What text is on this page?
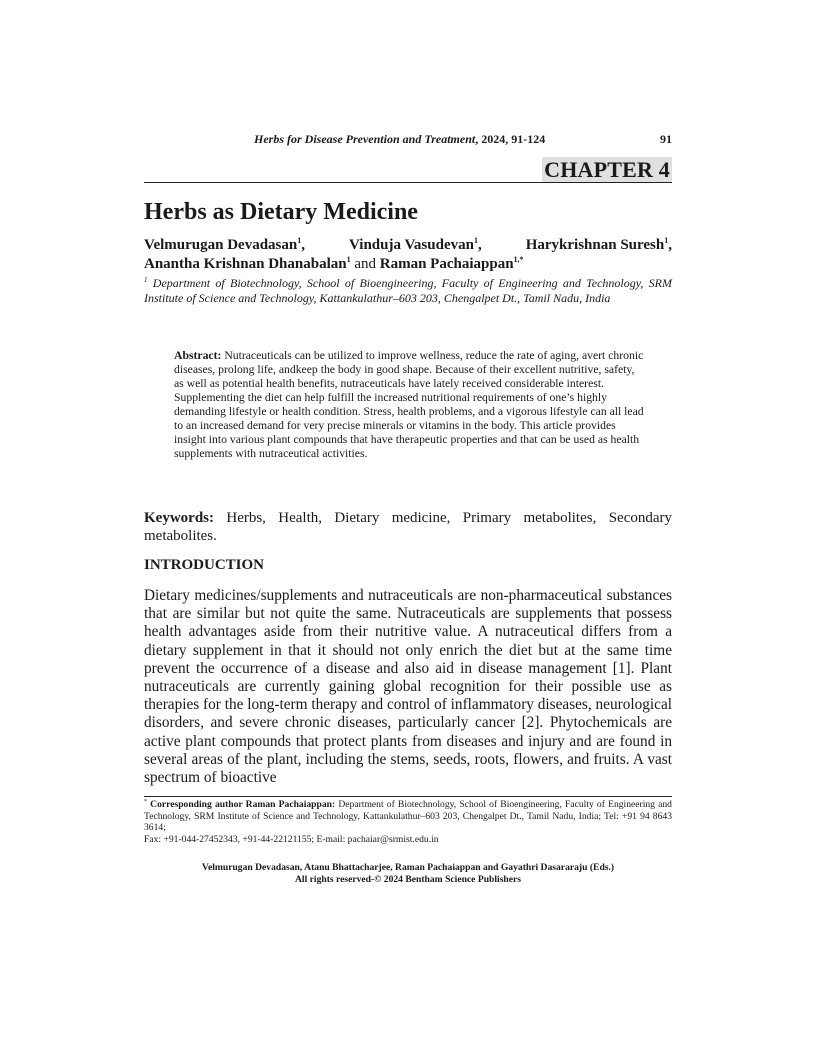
Herbs for Disease Prevention and Treatment, 2024, 91-124	91
CHAPTER 4
Herbs as Dietary Medicine
Velmurugan Devadasan$^1$,	Vinduja Vasudevan$^1$,	Harykrishnan Suresh$^1$,
Anantha Krishnan Dhanabalan$^1$ and Raman Pachaiappan$^{1,*}$
$^1$ Department of Biotechnology, School of Bioengineering, Faculty of Engineering and Technology, SRM Institute of Science and Technology, Kattankulathur–603 203, Chengalpet Dt., Tamil Nadu, India
Abstract: Nutraceuticals can be utilized to improve wellness, reduce the rate of aging, avert chronic diseases, prolong life, andkeep the body in good shape. Because of their excellent nutritive, safety, as well as potential health benefits, nutraceuticals have lately received considerable interest. Supplementing the diet can help fulfill the increased nutritional requirements of one’s highly demanding lifestyle or health condition. Stress, health problems, and a vigorous lifestyle can all lead to an increased demand for very precise minerals or vitamins in the body. This article provides insight into various plant compounds that have therapeutic properties and that can be used as health supplements with nutraceutical activities.
Keywords: Herbs, Health, Dietary medicine, Primary metabolites, Secondary metabolites.
INTRODUCTION

Dietary medicines/supplements and nutraceuticals are non-pharmaceutical substances that are similar but not quite the same. Nutraceuticals are supplements that possess health advantages aside from their nutritive value. A nutraceutical differs from a dietary supplement in that it should not only enrich the diet but at the same time prevent the occurrence of a disease and also aid in disease management [1]. Plant nutraceuticals are currently gaining global recognition for their possible use as therapies for the long-term therapy and control of inflammatory diseases, neurological disorders, and severe chronic diseases, particularly cancer [2]. Phytochemicals are active plant compounds that protect plants from diseases and injury and are found in several areas of the plant, including the stems, seeds, roots, flowers, and fruits. A vast spectrum of bioactive

* Corresponding author Raman Pachaiappan: Department of Biotechnology, School of Bioengineering, Faculty of Engineering and Technology, SRM Institute of Science and Technology, Kattankulathur–603 203, Chengalpet Dt., Tamil Nadu, India; Tel: +91 94 8643 3614;
Fax: +91-044-27452343, +91-44-22121155; E-mail: pachaiar@srmist.edu.in
Velmurugan Devadasan, Atanu Bhattacharjee, Raman Pachaiappan and Gayathri Dasararaju (Eds.)
All rights reserved-© 2024 Bentham Science Publishers
